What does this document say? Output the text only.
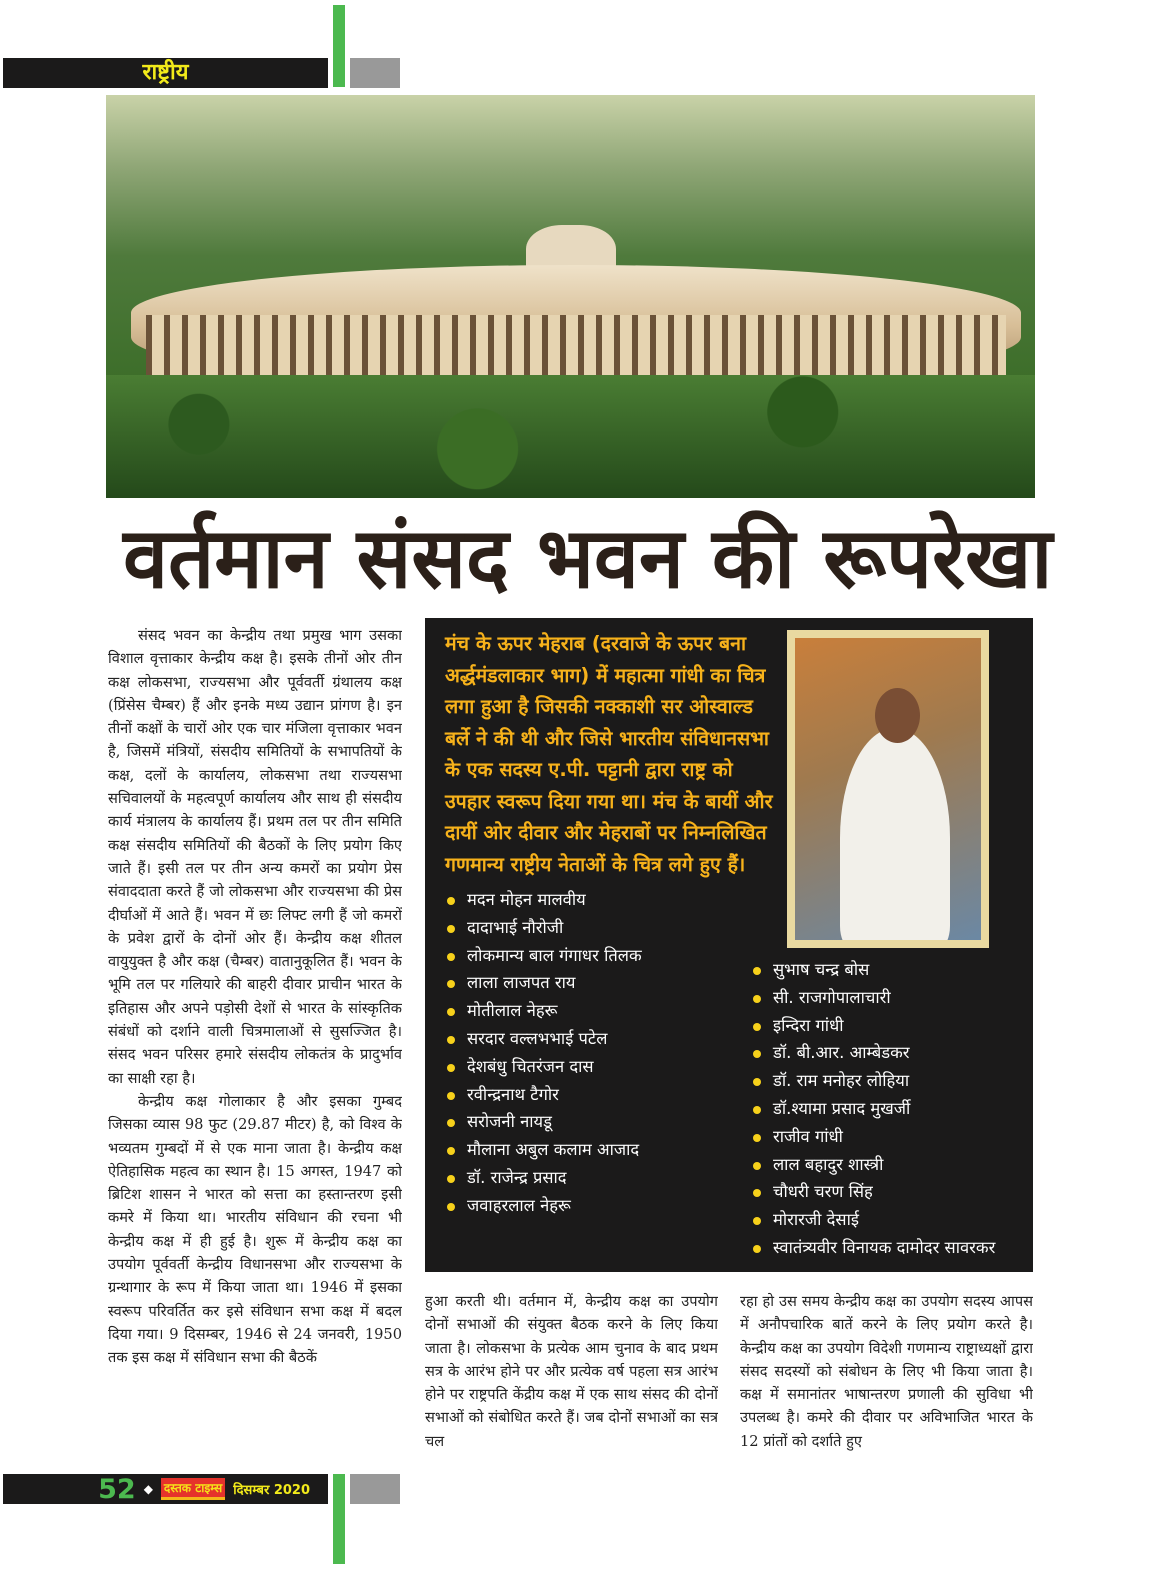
राष्ट्रीय
वर्तमान संसद भवन की रूपरेखा

संसद भवन का केन्द्रीय तथा प्रमुख भाग उसका विशाल वृत्ताकार केन्द्रीय कक्ष है। इसके तीनों ओर तीन कक्ष लोकसभा, राज्यसभा और पूर्ववर्ती ग्रंथालय कक्ष (प्रिंसेस चैम्बर) हैं और इनके मध्य उद्यान प्रांगण है। इन तीनों कक्षों के चारों ओर एक चार मंजिला वृत्ताकार भवन है, जिसमें मंत्रियों, संसदीय समितियों के सभापतियों के कक्ष, दलों के कार्यालय, लोकसभा तथा राज्यसभा सचिवालयों के महत्वपूर्ण कार्यालय और साथ ही संसदीय कार्य मंत्रालय के कार्यालय हैं। प्रथम तल पर तीन समिति कक्ष संसदीय समितियों की बैठकों के लिए प्रयोग किए जाते हैं। इसी तल पर तीन अन्य कमरों का प्रयोग प्रेस संवाददाता करते हैं जो लोकसभा और राज्यसभा की प्रेस दीर्घाओं में आते हैं। भवन में छः लिफ्ट लगी हैं जो कमरों के प्रवेश द्वारों के दोनों ओर हैं। केन्द्रीय कक्ष शीतल वायुयुक्त है और कक्ष (चैम्बर) वातानुकूलित हैं। भवन के भूमि तल पर गलियारे की बाहरी दीवार प्राचीन भारत के इतिहास और अपने पड़ोसी देशों से भारत के सांस्कृतिक संबंधों को दर्शाने वाली चित्रमालाओं से सुसज्जित है। संसद भवन परिसर हमारे संसदीय लोकतंत्र के प्रादुर्भाव का साक्षी रहा है।

केन्द्रीय कक्ष गोलाकार है और इसका गुम्बद जिसका व्यास 98 फुट (29.87 मीटर) है, को विश्व के भव्यतम गुम्बदों में से एक माना जाता है। केन्द्रीय कक्ष ऐतिहासिक महत्व का स्थान है। 15 अगस्त, 1947 को ब्रिटिश शासन ने भारत को सत्ता का हस्तान्तरण इसी कमरे में किया था। भारतीय संविधान की रचना भी केन्द्रीय कक्ष में ही हुई है। शुरू में केन्द्रीय कक्ष का उपयोग पूर्ववर्ती केन्द्रीय विधानसभा और राज्यसभा के ग्रन्थागार के रूप में किया जाता था। 1946 में इसका स्वरूप परिवर्तित कर इसे संविधान सभा कक्ष में बदल दिया गया। 9 दिसम्बर, 1946 से 24 जनवरी, 1950 तक इस कक्ष में संविधान सभा की बैठकें

मंच के ऊपर मेहराब (दरवाजे के ऊपर बना अर्द्धमंडलाकार भाग) में महात्मा गांधी का चित्र लगा हुआ है जिसकी नक्काशी सर ओस्वाल्ड बर्ले ने की थी और जिसे भारतीय संविधानसभा के एक सदस्य ए.पी. पट्टानी द्वारा राष्ट्र को उपहार स्वरूप दिया गया था। मंच के बायीं और दायीं ओर दीवार और मेहराबों पर निम्नलिखित गणमान्य राष्ट्रीय नेताओं के चित्र लगे हुए हैं।
मदन मोहन मालवीय
दादाभाई नौरोजी
लोकमान्य बाल गंगाधर तिलक
लाला लाजपत राय
मोतीलाल नेहरू
सरदार वल्लभभाई पटेल
देशबंधु चितरंजन दास
रवीन्द्रनाथ टैगोर
सरोजनी नायडू
मौलाना अबुल कलाम आजाद
डॉ. राजेन्द्र प्रसाद
जवाहरलाल नेहरू
सुभाष चन्द्र बोस
सी. राजगोपालाचारी
इन्दिरा गांधी
डॉ. बी.आर. आम्बेडकर
डॉ. राम मनोहर लोहिया
डॉ.श्यामा प्रसाद मुखर्जी
राजीव गांधी
लाल बहादुर शास्त्री
चौधरी चरण सिंह
मोरारजी देसाई
स्वातंत्र्यवीर विनायक दामोदर सावरकर
हुआ करती थी। वर्तमान में, केन्द्रीय कक्ष का उपयोग दोनों सभाओं की संयुक्त बैठक करने के लिए किया जाता है। लोकसभा के प्रत्येक आम चुनाव के बाद प्रथम सत्र के आरंभ होने पर और प्रत्येक वर्ष पहला सत्र आरंभ होने पर राष्ट्रपति केंद्रीय कक्ष में एक साथ संसद की दोनों सभाओं को संबोधित करते हैं। जब दोनों सभाओं का सत्र चल
रहा हो उस समय केन्द्रीय कक्ष का उपयोग सदस्य आपस में अनौपचारिक बातें करने के लिए प्रयोग करते है। केन्द्रीय कक्ष का उपयोग विदेशी गणमान्य राष्ट्राध्यक्षों द्वारा संसद सदस्यों को संबोधन के लिए भी किया जाता है। कक्ष में समानांतर भाषान्तरण प्रणाली की सुविधा भी उपलब्ध है। कमरे की दीवार पर अविभाजित भारत के 12 प्रांतों को दर्शाते हुए
52 ◆ दस्तक टाइम्स दिसम्बर 2020
